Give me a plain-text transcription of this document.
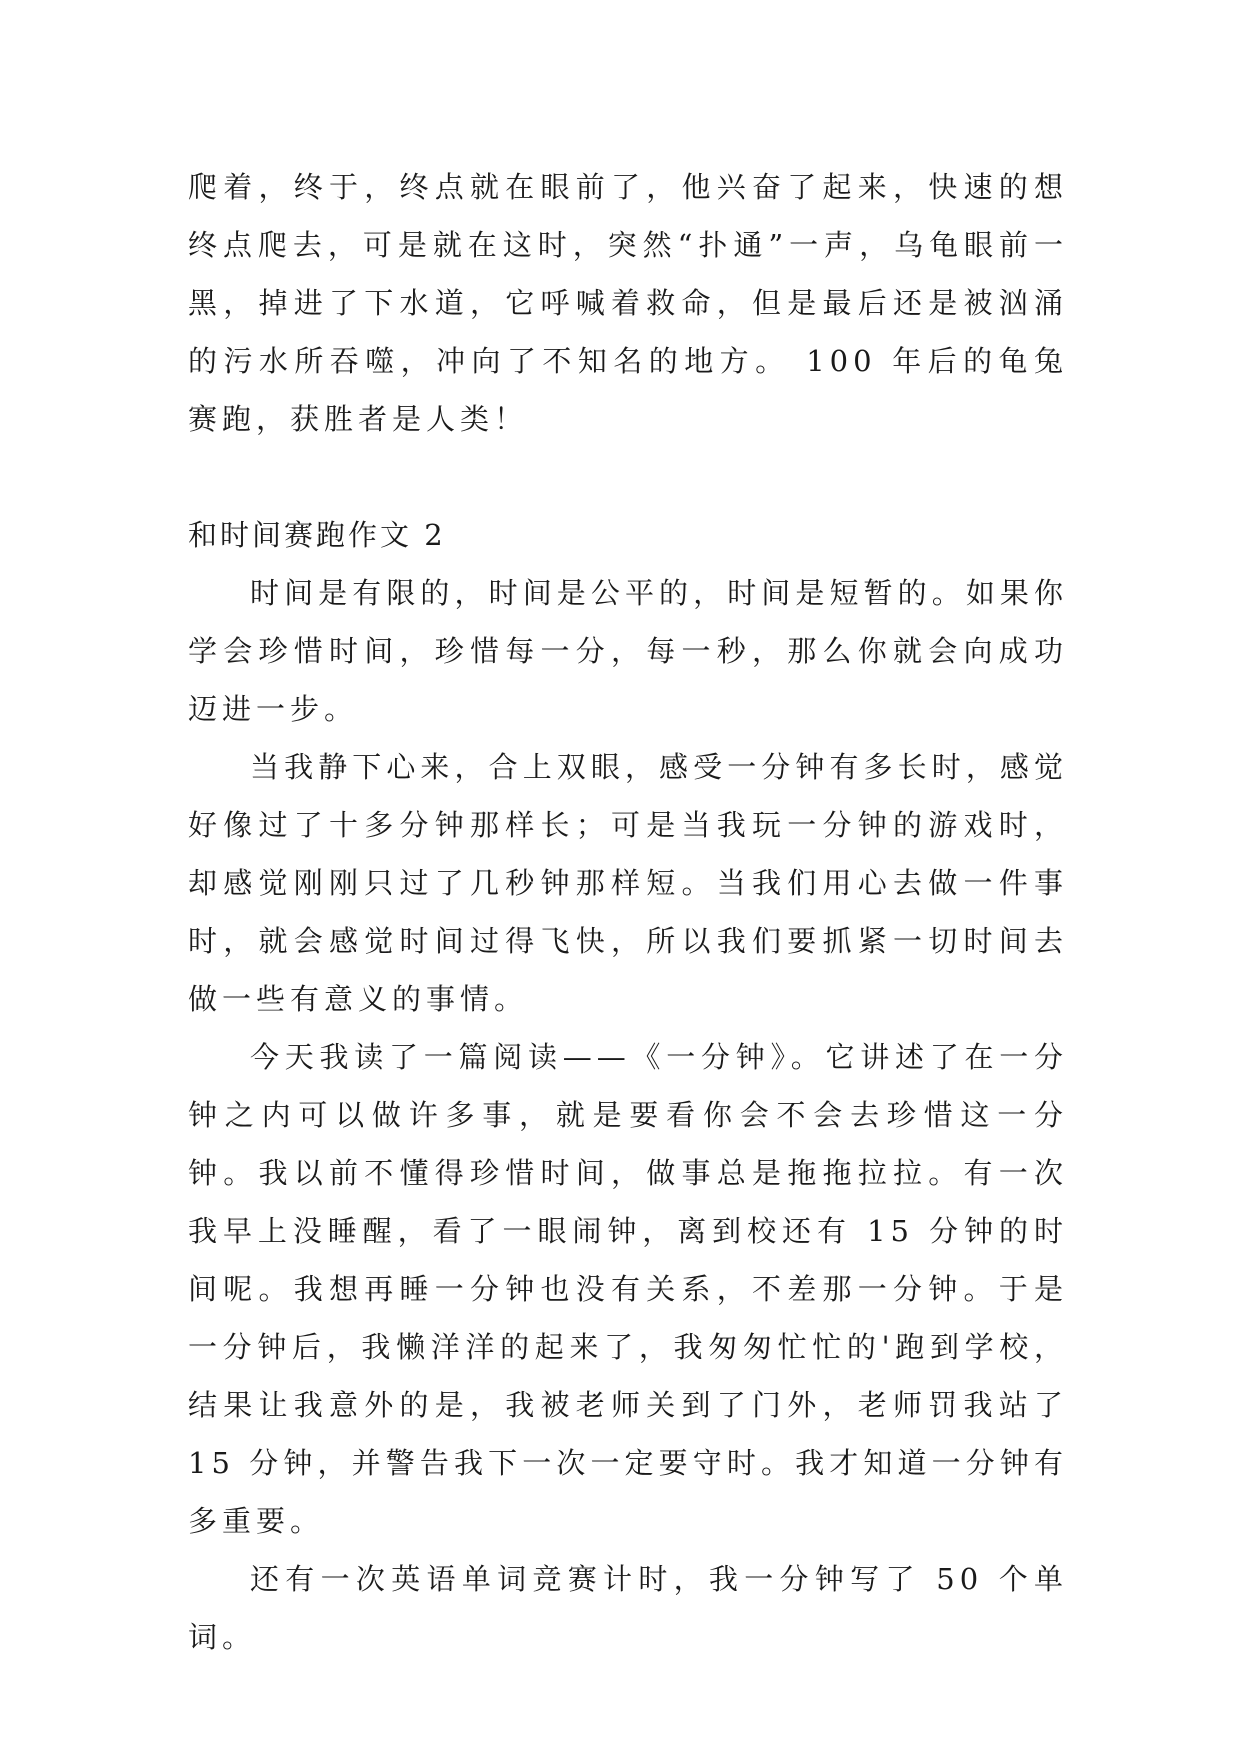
爬着，终于，终点就在眼前了，他兴奋了起来，快速的想终点爬去，可是就在这时，突然“扑通”一声，乌龟眼前一黑，掉进了下水道，它呼喊着救命，但是最后还是被汹涌的污水所吞噬，冲向了不知名的地方。 100 年后的龟兔赛跑，获胜者是人类！

和时间赛跑作文 2

时间是有限的，时间是公平的，时间是短暂的。如果你学会珍惜时间，珍惜每一分，每一秒，那么你就会向成功迈进一步。

当我静下心来，合上双眼，感受一分钟有多长时，感觉好像过了十多分钟那样长；可是当我玩一分钟的游戏时，却感觉刚刚只过了几秒钟那样短。当我们用心去做一件事时，就会感觉时间过得飞快，所以我们要抓紧一切时间去做一些有意义的事情。

今天我读了一篇阅读——《一分钟》。它讲述了在一分钟之内可以做许多事，就是要看你会不会去珍惜这一分钟。我以前不懂得珍惜时间，做事总是拖拖拉拉。有一次我早上没睡醒，看了一眼闹钟，离到校还有 15 分钟的时间呢。我想再睡一分钟也没有关系，不差那一分钟。于是一分钟后，我懒洋洋的起来了，我匆匆忙忙的'跑到学校，结果让我意外的是，我被老师关到了门外，老师罚我站了 15 分钟，并警告我下一次一定要守时。我才知道一分钟有多重要。

还有一次英语单词竞赛计时，我一分钟写了 50 个单词。
